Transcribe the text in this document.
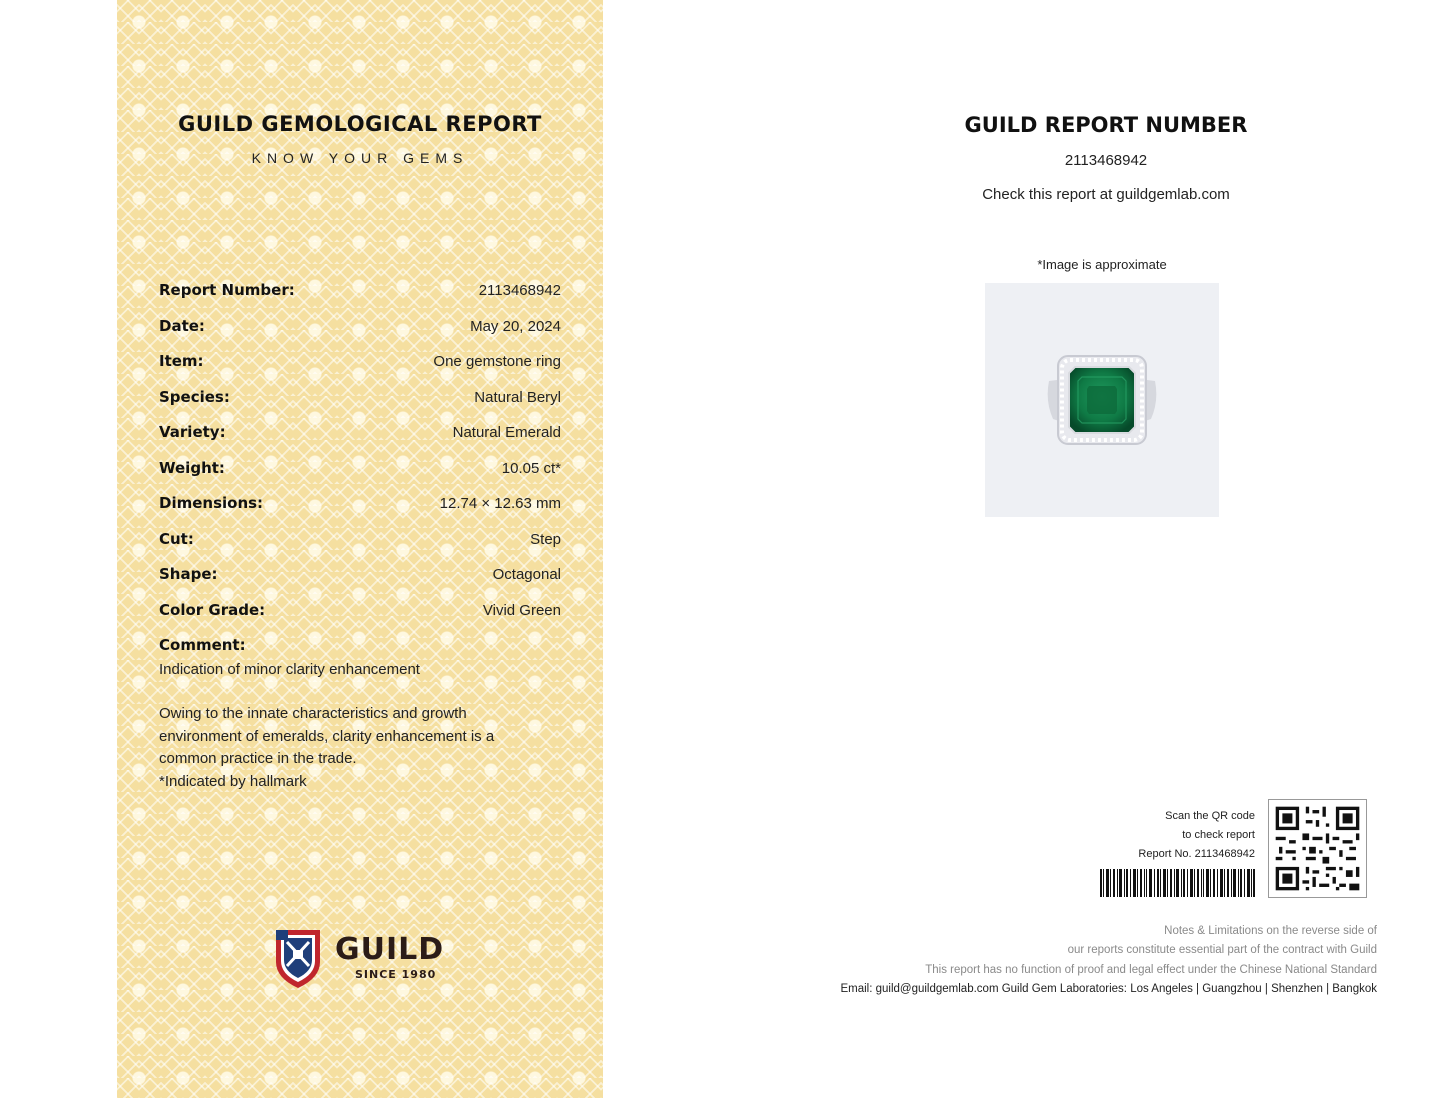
GUILD GEMOLOGICAL REPORT
KNOW YOUR GEMS
Report Number:	2113468942
Date:	May 20, 2024
Item:	One gemstone ring
Species:	Natural Beryl
Variety:	Natural Emerald
Weight:	10.05 ct*
Dimensions:	12.74 × 12.63 mm
Cut:	Step
Shape:	Octagonal
Color Grade:	Vivid Green
Comment:
Indication of minor clarity enhancement
Owing to the innate characteristics and growth
environment of emeralds, clarity enhancement is a
common practice in the trade.
*Indicated by hallmark
GUILD
SINCE 1980
GUILD REPORT NUMBER
2113468942
Check this report at guildgemlab.com
*Image is approximate
Scan the QR code
to check report
Report No. 2113468942
Notes & Limitations on the reverse side of
our reports constitute essential part of the contract with Guild
This report has no function of proof and legal effect under the Chinese National Standard
Email: guild@guildgemlab.com Guild Gem Laboratories: Los Angeles | Guangzhou | Shenzhen | Bangkok
